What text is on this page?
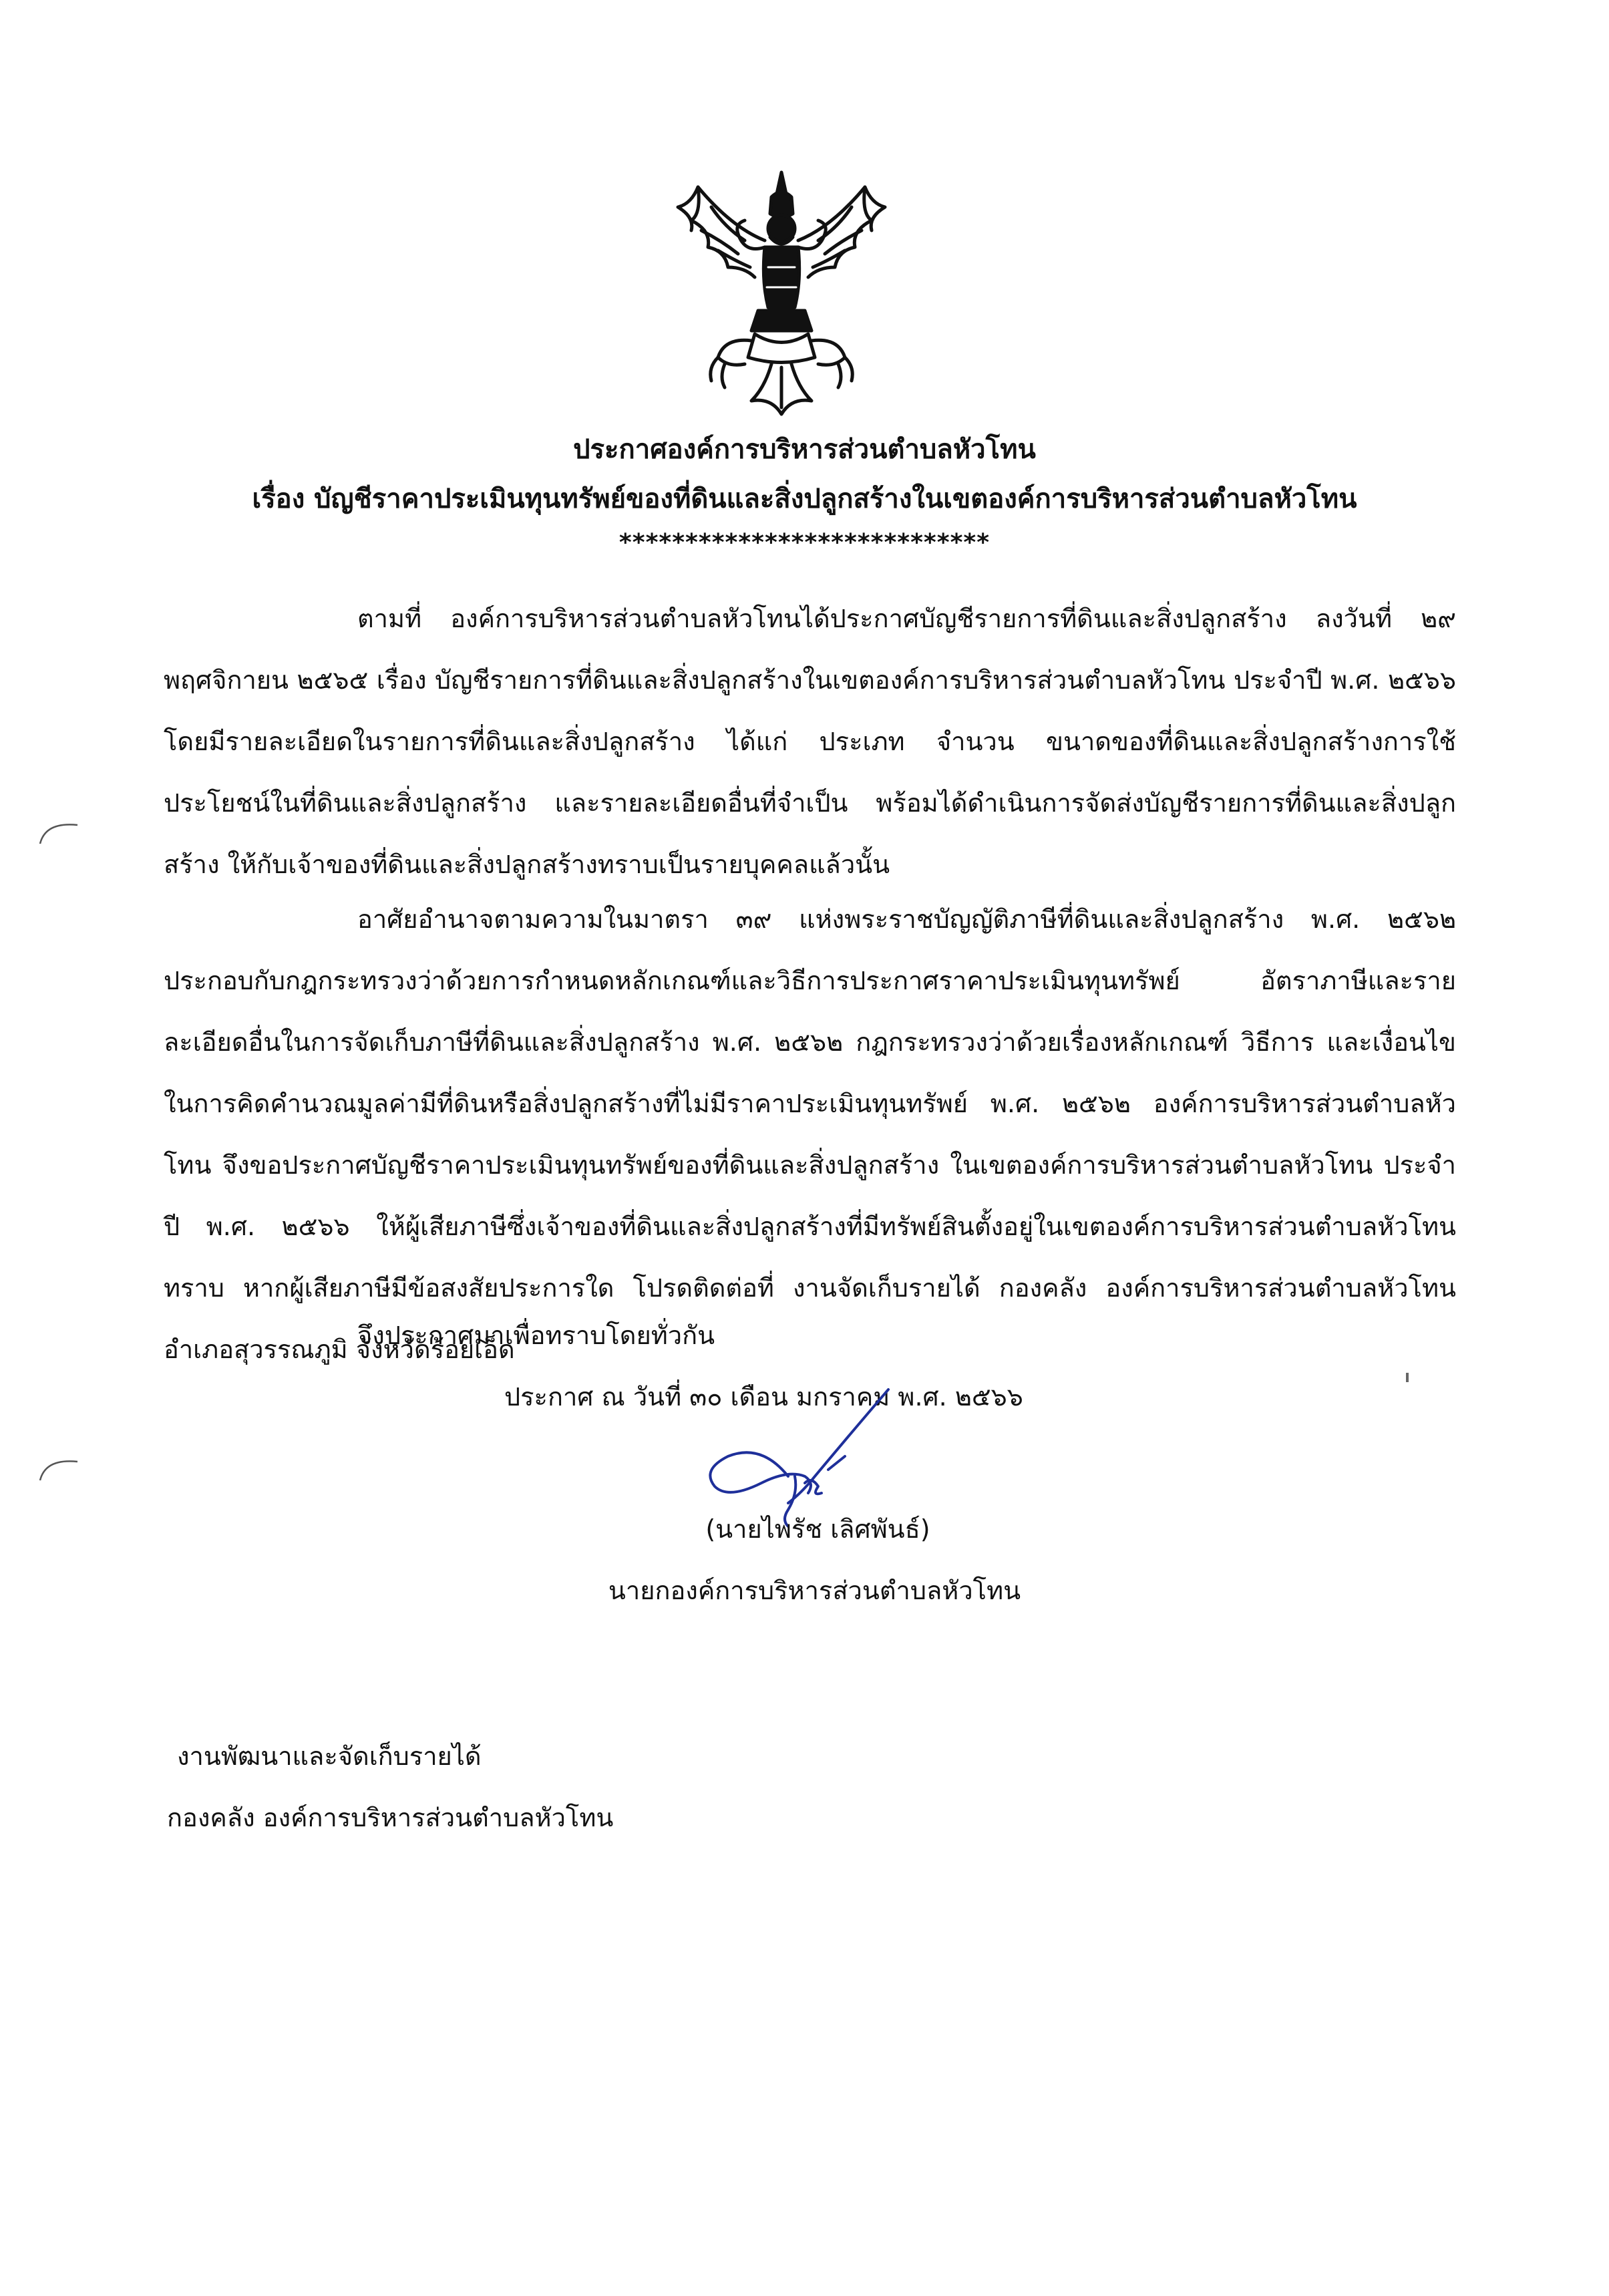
ประกาศองค์การบริหารส่วนตำบลหัวโทน
เรื่อง บัญชีราคาประเมินทุนทรัพย์ของที่ดินและสิ่งปลูกสร้างในเขตองค์การบริหารส่วนตำบลหัวโทน
****************************

ตามที่ องค์การบริหารส่วนตำบลหัวโทนได้ประกาศบัญชีรายการที่ดินและสิ่งปลูกสร้าง ลงวันที่ ๒๙ พฤศจิกายน ๒๕๖๕ เรื่อง บัญชีรายการที่ดินและสิ่งปลูกสร้างในเขตองค์การบริหารส่วนตำบลหัวโทน ประจำปี พ.ศ. ๒๕๖๖ โดยมีรายละเอียดในรายการที่ดินและสิ่งปลูกสร้าง ได้แก่ ประเภท จำนวน ขนาดของที่ดินและสิ่งปลูกสร้างการใช้ประโยชน์ในที่ดินและสิ่งปลูกสร้าง และรายละเอียดอื่นที่จำเป็น พร้อมได้ดำเนินการจัดส่งบัญชีรายการที่ดินและสิ่งปลูกสร้าง ให้กับเจ้าของที่ดินและสิ่งปลูกสร้างทราบเป็นรายบุคคลแล้วนั้น

อาศัยอำนาจตามความในมาตรา ๓๙ แห่งพระราชบัญญัติภาษีที่ดินและสิ่งปลูกสร้าง พ.ศ. ๒๕๖๒ ประกอบกับกฎกระทรวงว่าด้วยการกำหนดหลักเกณฑ์และวิธีการประกาศราคาประเมินทุนทรัพย์ อัตราภาษีและรายละเอียดอื่นในการจัดเก็บภาษีที่ดินและสิ่งปลูกสร้าง พ.ศ. ๒๕๖๒ กฎกระทรวงว่าด้วยเรื่องหลักเกณฑ์ วิธีการ และเงื่อนไข ในการคิดคำนวณมูลค่ามีที่ดินหรือสิ่งปลูกสร้างที่ไม่มีราคาประเมินทุนทรัพย์ พ.ศ. ๒๕๖๒ องค์การบริหารส่วนตำบลหัวโทน จึงขอประกาศบัญชีราคาประเมินทุนทรัพย์ของที่ดินและสิ่งปลูกสร้าง ในเขตองค์การบริหารส่วนตำบลหัวโทน ประจำปี พ.ศ. ๒๕๖๖ ให้ผู้เสียภาษีซึ่งเจ้าของที่ดินและสิ่งปลูกสร้างที่มีทรัพย์สินตั้งอยู่ในเขตองค์การบริหารส่วนตำบลหัวโทนทราบ หากผู้เสียภาษีมีข้อสงสัยประการใด โปรดติดต่อที่ งานจัดเก็บรายได้ กองคลัง องค์การบริหารส่วนตำบลหัวโทน อำเภอสุวรรณภูมิ จังหวัดร้อยเอ็ด

จึงประกาศมาเพื่อทราบโดยทั่วกัน
ประกาศ ณ วันที่ ๓๐ เดือน มกราคม พ.ศ. ๒๕๖๖
(นายไพรัช เลิศพันธ์)
นายกองค์การบริหารส่วนตำบลหัวโทน
งานพัฒนาและจัดเก็บรายได้
กองคลัง องค์การบริหารส่วนตำบลหัวโทน
